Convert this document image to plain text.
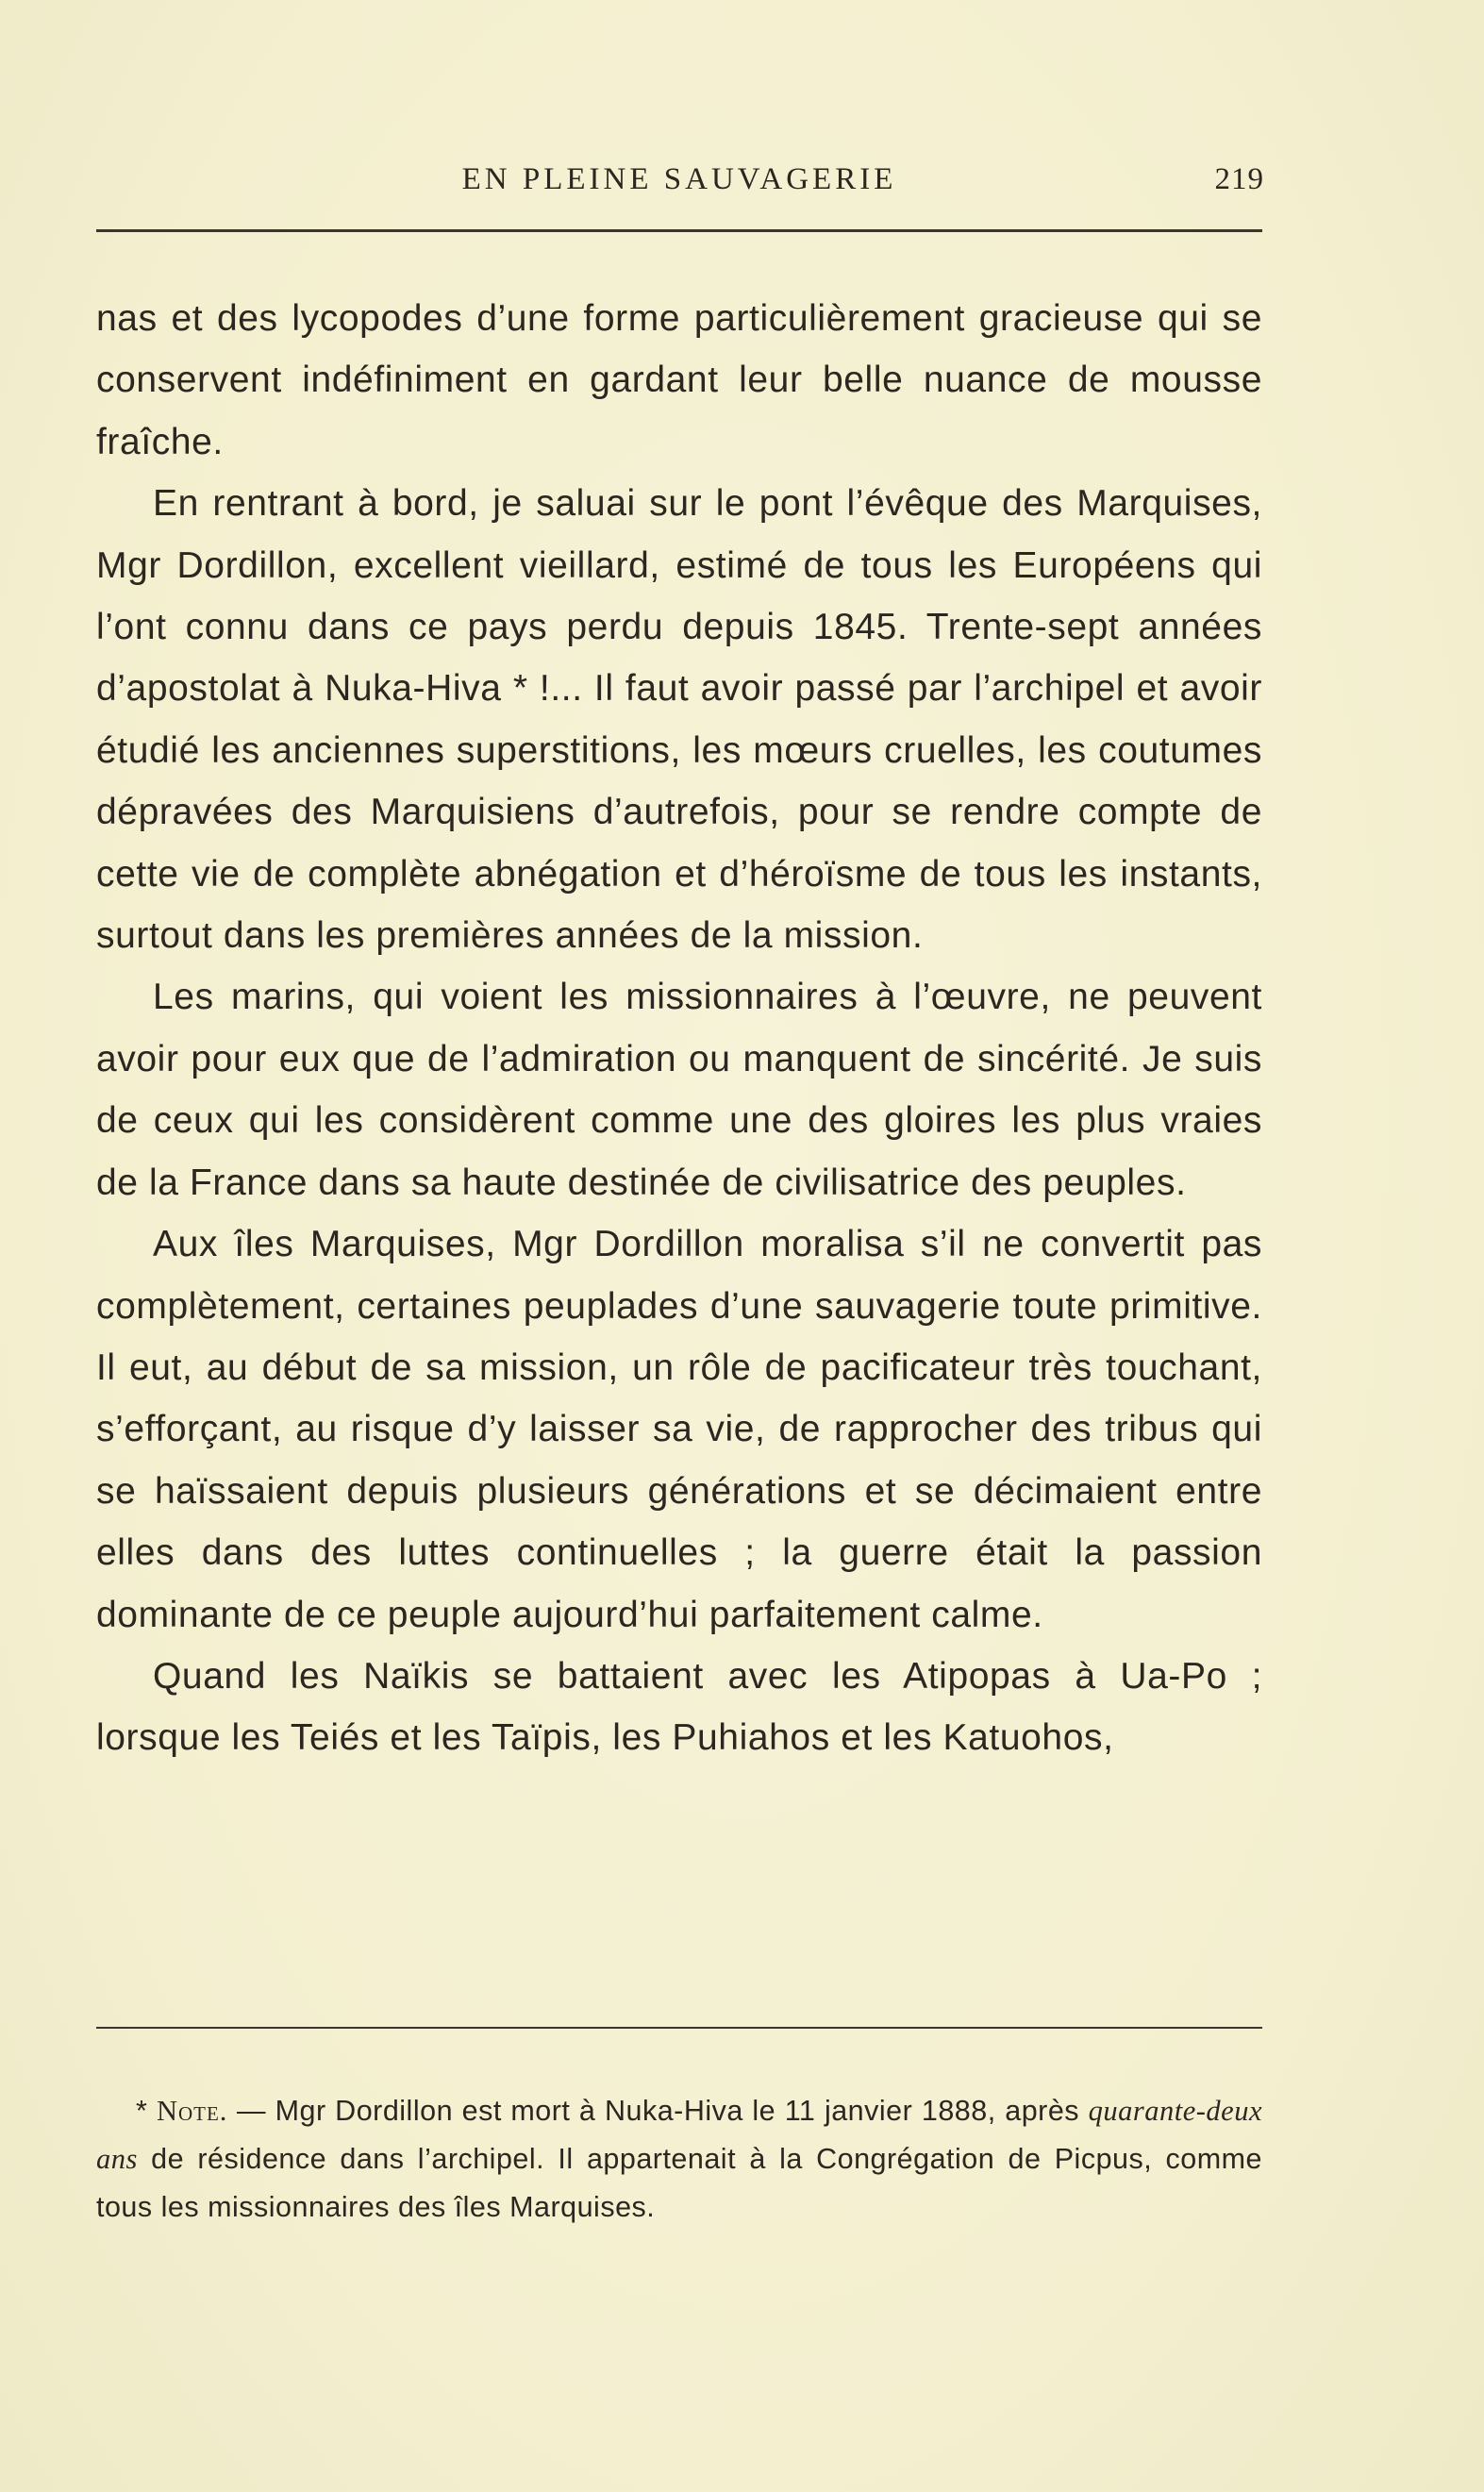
EN PLEINE SAUVAGERIE	219

nas et des lycopodes d’une forme particulièrement gracieuse qui se conservent indéfiniment en gardant leur belle nuance de mousse fraîche.

En rentrant à bord, je saluai sur le pont l’évêque des Marquises, Mgr Dordillon, excellent vieillard, estimé de tous les Européens qui l’ont connu dans ce pays perdu depuis 1845. Trente-sept années d’apostolat à Nuka-Hiva * !... Il faut avoir passé par l’archipel et avoir étudié les anciennes superstitions, les mœurs cruelles, les coutumes dépravées des Marquisiens d’autrefois, pour se rendre compte de cette vie de complète abnégation et d’héroïsme de tous les instants, surtout dans les premières années de la mission.

Les marins, qui voient les missionnaires à l’œuvre, ne peuvent avoir pour eux que de l’admiration ou manquent de sincérité. Je suis de ceux qui les considèrent comme une des gloires les plus vraies de la France dans sa haute destinée de civilisatrice des peuples.

Aux îles Marquises, Mgr Dordillon moralisa s’il ne convertit pas complètement, certaines peuplades d’une sauvagerie toute primitive. Il eut, au début de sa mission, un rôle de pacificateur très touchant, s’efforçant, au risque d’y laisser sa vie, de rapprocher des tribus qui se haïssaient depuis plusieurs générations et se décimaient entre elles dans des luttes continuelles ; la guerre était la passion dominante de ce peuple aujourd’hui parfaitement calme.

Quand les Naïkis se battaient avec les Atipopas à Ua-Po ; lorsque les Teiés et les Taïpis, les Puhiahos et les Katuohos,

* Note. — Mgr Dordillon est mort à Nuka-Hiva le 11 janvier 1888, après quarante-deux ans de résidence dans l’archipel. Il appartenait à la Congrégation de Picpus, comme tous les missionnaires des îles Marquises.
